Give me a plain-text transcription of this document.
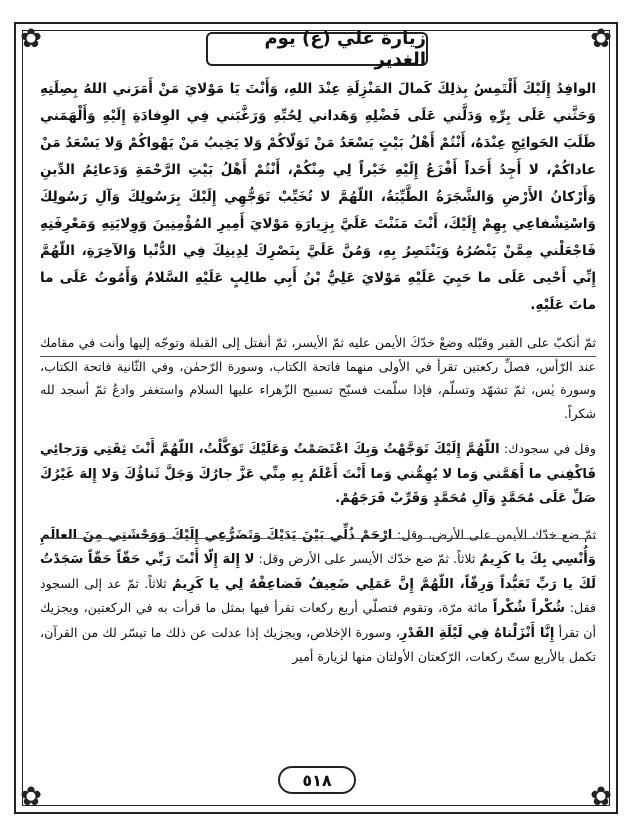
✿	✿
✿	✿
زيارة علي (ع) يوم الغدير

الوافِدُ إِلَيْكَ أَلْتَمِسُ بِذلِكَ كَمالَ المَنْزِلَةِ عِنْدَ اللهِ، وَأَنْتَ يَا مَوْلايَ مَنْ أَمَرَني اللهُ بِصِلَتِهِ وَحَثَّني عَلَى بِرِّهِ وَدَلَّني عَلَى فَضْلِهِ وَهَداني لِحُبِّهِ وَرَغَّبَني فِي الوِفادَةِ إِلَيْهِ وَأَلْهَمَني طَلَبَ الحَوائِجِ عِنْدَهُ، أَنْتُمْ أَهْلُ بَيْتٍ يَسْعَدُ مَنْ تَوَلّاكُمْ وَلا يَخِيبُ مَنْ يَهْواكُمْ وَلا يَسْعَدُ مَنْ عاداكُمْ، لا أَجِدُ أَحَداً أَفْزَعُ إِلَيْهِ خَيْراً لِي مِنْكُمْ، أَنْتُمْ أَهْلُ بَيْتِ الرَّحْمَةِ وَدَعائِمُ الدِّينِ وَأَرْكانُ الأَرْضِ وَالشَّجَرَةُ الطَّيِّبَةُ، اللّهُمَّ لا تُخَيِّبْ تَوَجُّهِي إِلَيْكَ بِرَسُولِكَ وَآلِ رَسُولِكَ وَاسْتِشْفاعِي بِهِمْ إِلَيْكَ، أَنْتَ مَنَنْتَ عَلَيَّ بِزِيارَةِ مَوْلايَ أَمِيرِ المُؤْمِنِينَ وَوِلايَتِهِ وَمَعْرِفَتِهِ فَاجْعَلْني مِمَّنْ يَنْصُرُهُ وَيَنْتَصِرُ بِهِ، وَمُنَّ عَلَيَّ بِنَصْرِكَ لِدِينِكَ فِي الدُّنْيا وَالآخِرَةِ، اللّهُمَّ إِنِّي أَحْيى عَلَى ما حَيِيَ عَلَيْهِ مَوْلايَ عَلِيُّ بْنُ أَبِي طالِبٍ عَلَيْهِ السَّلامُ وَأَمُوتُ عَلَى ما ماتَ عَلَيْهِ.

ثمّ أنكبّ على القبر وقبّله وضعْ خدّكَ الأيمن عليه ثمّ الأيسر، ثمّ أنفتل إلى القبلة وتوجّه إليها وأنت في مقامك عند الرّأس، فصلِّ ركعتين تقرأ في الأولى منهما فاتحة الكتاب، وسورة الرّحمٰن، وفي الثّانية فاتحة الكتاب، وسورة يٰس، ثمّ تشهّد وتسلّم، فإذا سلّمت فسبّح تسبيح الزّهراء عليها السلام واستغفر وادعُ ثمّ أسجد لله شكراً.

وقل في سجودك: اللّهُمَّ إِلَيْكَ تَوَجَّهْتُ وَبِكَ اعْتَصَمْتُ وَعَلَيْكَ تَوَكَّلْتُ، اللّهُمَّ أَنْتَ ثِقَتِي وَرَجائِي فَاكْفِني ما أَهَمَّني وَما لا يُهِمُّني وَما أَنْتَ أَعْلَمُ بِهِ مِنِّي عَزَّ جارُكَ وَجَلَّ ثَناؤُكَ وَلا إِلهَ غَيْرُكَ صَلِّ عَلَى مُحَمَّدٍ وَآلِ مُحَمَّدٍ وَقَرِّبْ فَرَجَهُمْ.

ثمّ ضع خدّك الأيمن على الأرض، وقل: ارْحَمْ ذُلِّي بَيْنَ يَدَيْكَ وَتَضَرُّعِي إِلَيْكَ وَوَحْشَتِي مِنَ العالَمِ وَأُنْسِي بِكَ يا كَرِيمُ ثلاثاً. ثمّ ضع خدّك الأيسر على الأرض وقل: لا إِلهَ إِلّا أَنْتَ رَبِّي حَقّاً حَقّاً سَجَدْتُ لَكَ يا رَبِّ تَعَبُّداً وَرِقّاً، اللّهُمَّ إِنَّ عَمَلِي ضَعِيفٌ فَضاعِفْهُ لِي يا كَرِيمُ ثلاثاً. ثمّ عد إلى السجود فقل: شُكْراً شُكْراً مائة مرّة، وتقوم فتصلّي أربع ركعات تقرأ فيها بمثل ما قرأت به في الركعتين، ويجزيك أن تقرأ إِنَّا أَنْزَلْناهُ فِي لَيْلَةِ القَدْرِ، وسورة الإخلاص، ويجزيك إذا عدلت عن ذلك ما تيسّر لك من القرآن، تكمل بالأربع ستّ ركعات، الرّكعتان الأولتان منها لزيارة أمير

٥١٨
